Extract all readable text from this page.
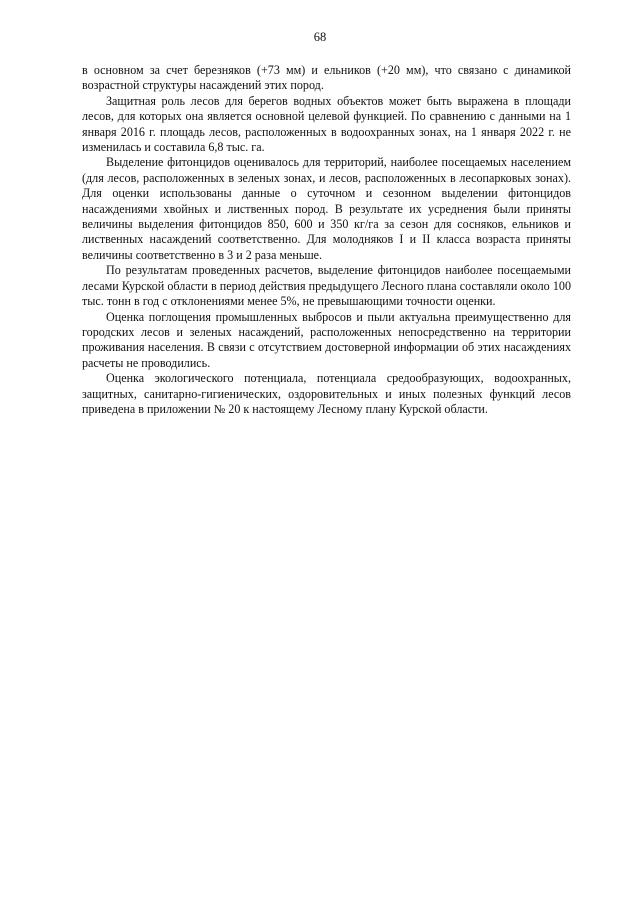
68

в основном за счет березняков (+73 мм) и ельников (+20 мм), что связано с динамикой возрастной структуры насаждений этих пород.

Защитная роль лесов для берегов водных объектов может быть выражена в площади лесов, для которых она является основной целевой функцией. По сравнению с данными на 1 января 2016 г. площадь лесов, расположенных в водоохранных зонах, на 1 января 2022 г. не изменилась и составила 6,8 тыс. га.

Выделение фитонцидов оценивалось для территорий, наиболее посещаемых населением (для лесов, расположенных в зеленых зонах, и лесов, расположенных в лесопарковых зонах). Для оценки использованы данные о суточном и сезонном выделении фитонцидов насаждениями хвойных и лиственных пород. В результате их усреднения были приняты величины выделения фитонцидов 850, 600 и 350 кг/га за сезон для сосняков, ельников и лиственных насаждений соответственно. Для молодняков I и II класса возраста приняты величины соответственно в 3 и 2 раза меньше.

По результатам проведенных расчетов, выделение фитонцидов наиболее посещаемыми лесами Курской области в период действия предыдущего Лесного плана составляли около 100 тыс. тонн в год с отклонениями менее 5%, не превышающими точности оценки.

Оценка поглощения промышленных выбросов и пыли актуальна преимущественно для городских лесов и зеленых насаждений, расположенных непосредственно на территории проживания населения. В связи с отсутствием достоверной информации об этих насаждениях расчеты не проводились.

Оценка экологического потенциала, потенциала средообразующих, водоохранных, защитных, санитарно-гигиенических, оздоровительных и иных полезных функций лесов приведена в приложении № 20 к настоящему Лесному плану Курской области.
